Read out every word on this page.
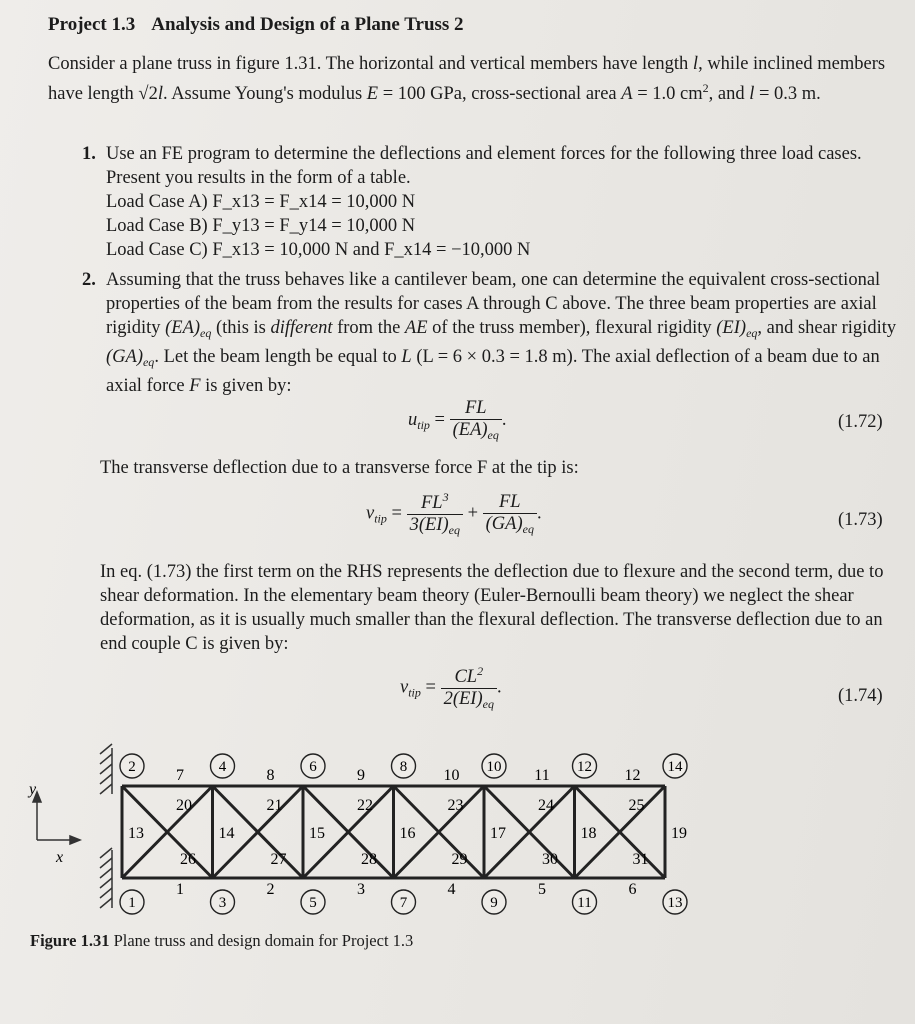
Project 1.3 Analysis and Design of a Plane Truss 2
Consider a plane truss in figure 1.31. The horizontal and vertical members have length l, while inclined members have length √2l. Assume Young's modulus E = 100 GPa, cross-sectional area A = 1.0 $cm^2$, and l = 0.3 m.
1. Use an FE program to determine the deflections and element forces for the following three load cases. Present you results in the form of a table.
Load Case A) F_x13 = F_x14 = 10,000 N
Load Case B) F_y13 = F_y14 = 10,000 N
Load Case C) F_x13 = 10,000 N and F_x14 = −10,000 N
2. Assuming that the truss behaves like a cantilever beam, one can determine the equivalent cross-sectional properties of the beam from the results for cases A through C above. The three beam properties are axial rigidity $(EA)_{eq}$ (this is different from the AE of the truss member), flexural rigidity $(EI)_{eq}$, and shear rigidity $(GA)_{eq}$. Let the beam length be equal to L (L = 6 × 0.3 = 1.8 m). The axial deflection of a beam due to an axial force F is given by:
$u_{tip} = \frac{FL}{(EA)_{eq}}$ .	(1.72)
The transverse deflection due to a transverse force F at the tip is:
$v_{tip} = \frac{FL^3}{3(EI)_{eq}} + \frac{FL}{(GA)_{eq}}$ .	(1.73)
In eq. (1.73) the first term on the RHS represents the deflection due to flexure and the second term, due to shear deformation. In the elementary beam theory (Euler-Bernoulli beam theory) we neglect the shear deformation, as it is usually much smaller than the flexural deflection. The transverse deflection due to an end couple C is given by:
$v_{tip} = \frac{CL^2}{2(EI)_{eq}}$ .	(1.74)
y
x
2	4	6	8	10	12	14
1	3	5	7	9	11	13
7	8	9	10	11	12
1	2	3	4	5	6
13	14	15	16	17	18	19
20	21	22	23	24	25
26	27	28	29	30	31
Figure 1.31 Plane truss and design domain for Project 1.3
